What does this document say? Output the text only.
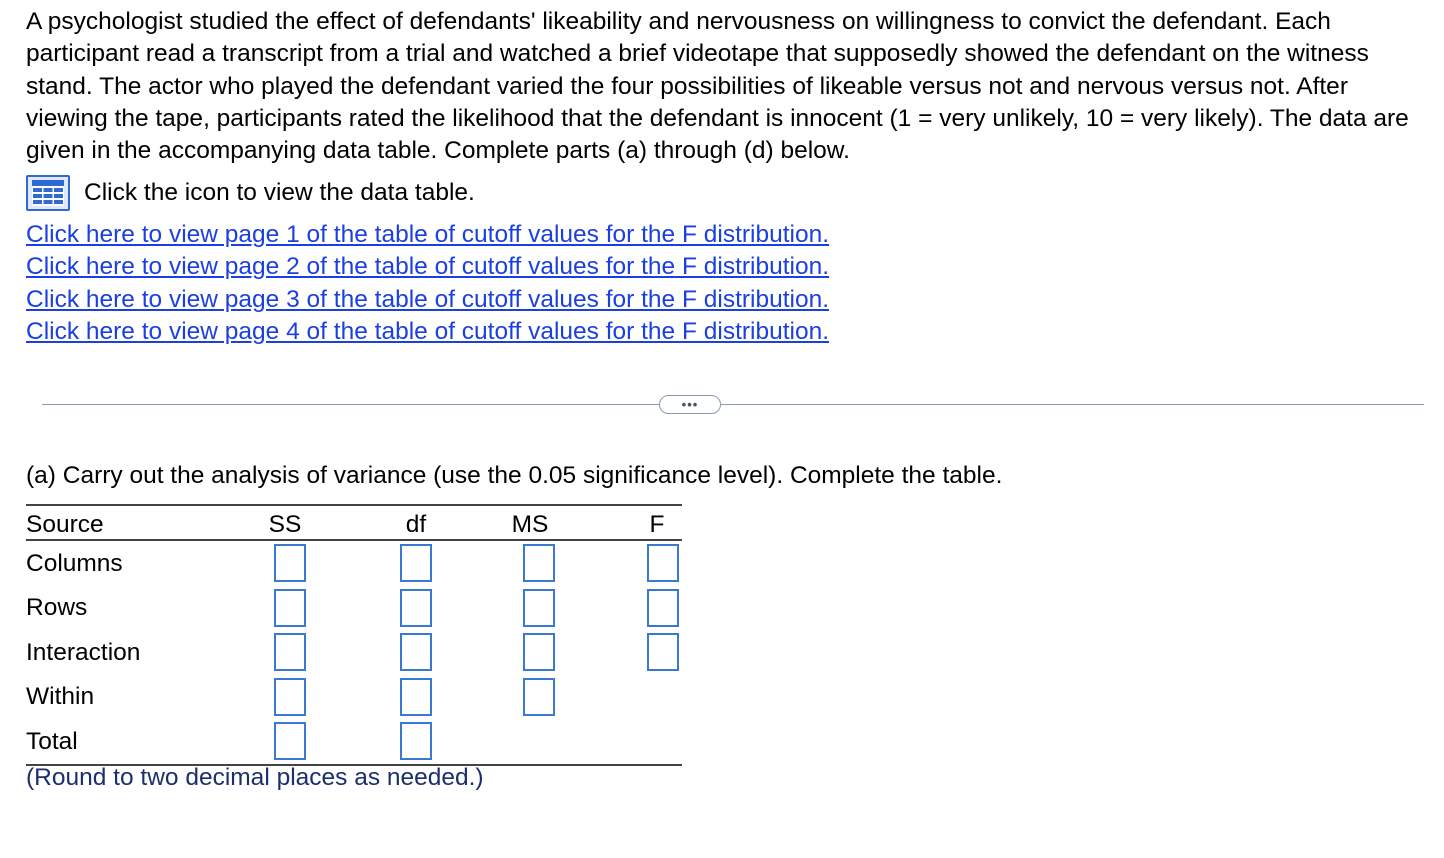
A psychologist studied the effect of defendants' likeability and nervousness on willingness to convict the defendant. Each participant read a transcript from a trial and watched a brief videotape that supposedly showed the defendant on the witness stand. The actor who played the defendant varied the four possibilities of likeable versus not and nervous versus not. After viewing the tape, participants rated the likelihood that the defendant is innocent (1 = very unlikely, 10 = very likely). The data are given in the accompanying data table. Complete parts (a) through (d) below.
Click the icon to view the data table.
Click here to view page 1 of the table of cutoff values for the F distribution.
Click here to view page 2 of the table of cutoff values for the F distribution.
Click here to view page 3 of the table of cutoff values for the F distribution.
Click here to view page 4 of the table of cutoff values for the F distribution.
•••
(a) Carry out the analysis of variance (use the 0.05 significance level). Complete the table.
Source	SS	df	MS	F
Columns
Rows
Interaction
Within
Total
(Round to two decimal places as needed.)
